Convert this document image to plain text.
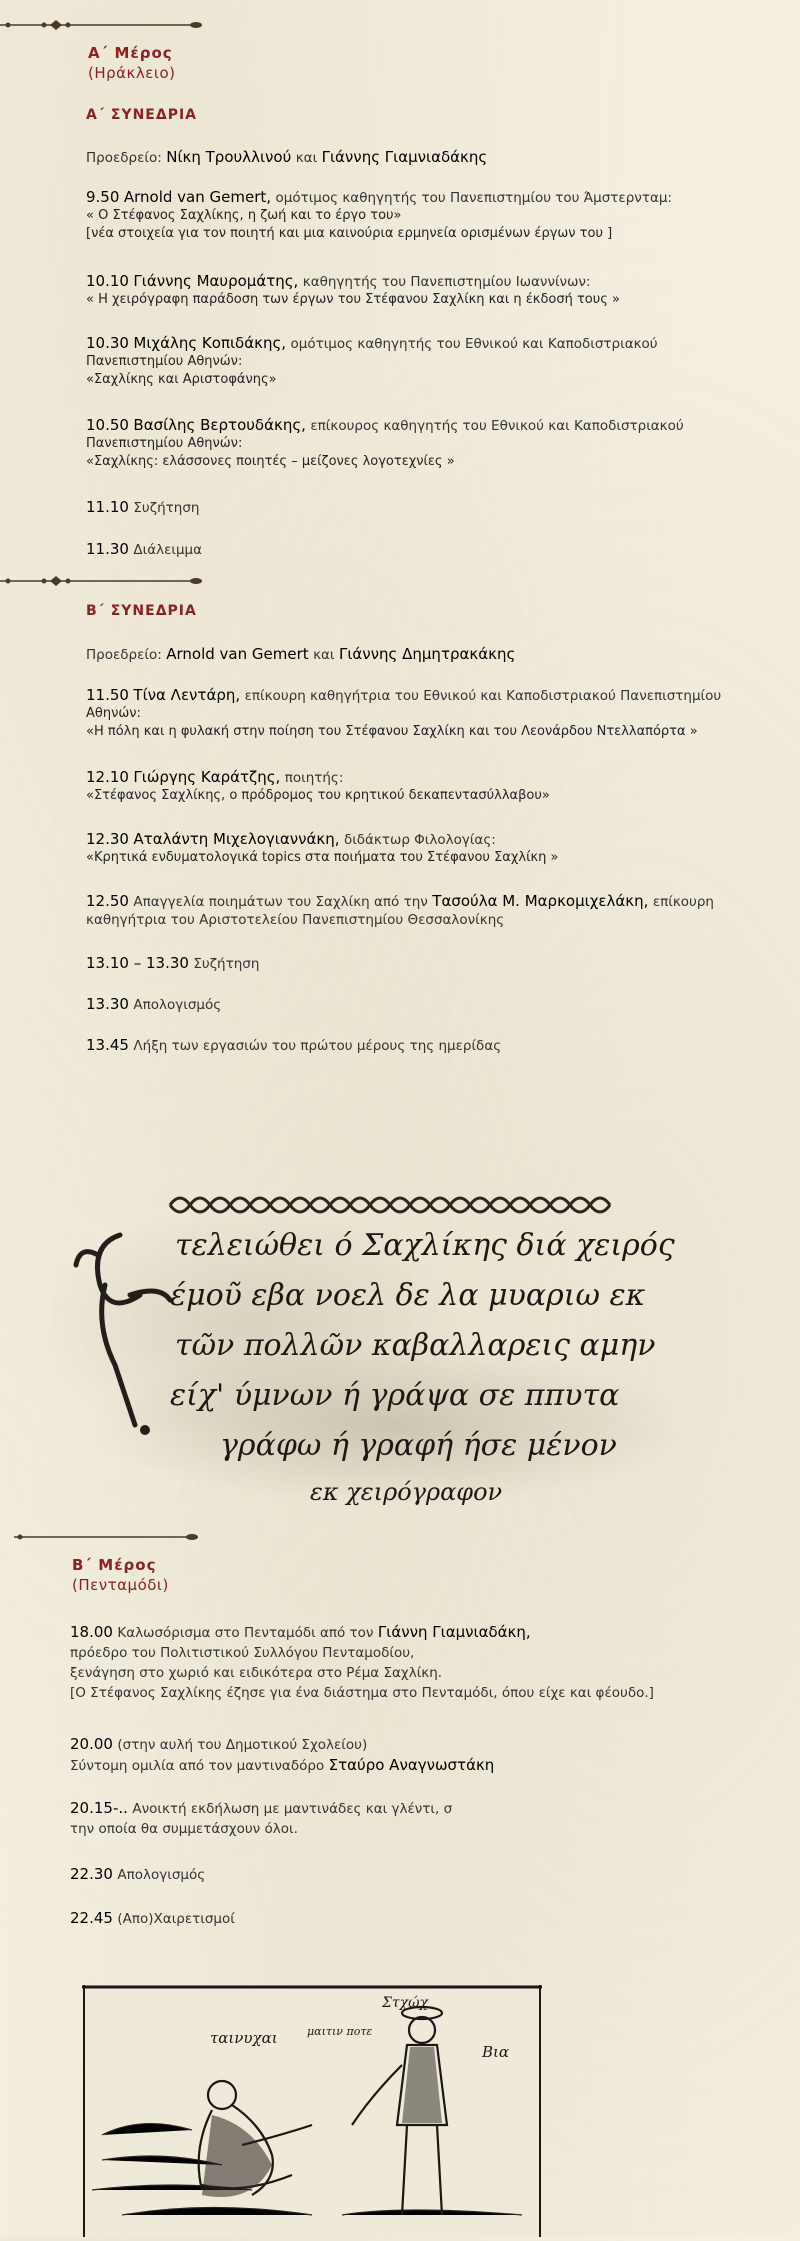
Α΄ Μέρος
(Ηράκλειο)
Α΄ ΣΥΝΕΔΡΙΑ
Προεδρείο: Νίκη Τρουλλινού και Γιάννης Γιαμνιαδάκης
9.50 Arnold van Gemert, ομότιμος καθηγητής του Πανεπιστημίου του Άμστερνταμ:
« Ο Στέφανος Σαχλίκης, η ζωή και το έργο του»
[νέα στοιχεία για τον ποιητή και μια καινούρια ερμηνεία ορισμένων έργων του ]
10.10 Γιάννης Μαυρομάτης, καθηγητής του Πανεπιστημίου Ιωαννίνων:
« Η χειρόγραφη παράδοση των έργων του Στέφανου Σαχλίκη και η έκδοσή τους »
10.30 Μιχάλης Κοπιδάκης, ομότιμος καθηγητής του Εθνικού και Καποδιστριακού
Πανεπιστημίου Αθηνών:
«Σαχλίκης και Αριστοφάνης»
10.50 Βασίλης Βερτουδάκης, επίκουρος καθηγητής του Εθνικού και Καποδιστριακού
Πανεπιστημίου Αθηνών:
«Σαχλίκης: ελάσσονες ποιητές – μείζονες λογοτεχνίες »
11.10 Συζήτηση
11.30 Διάλειμμα
Β΄ ΣΥΝΕΔΡΙΑ
Προεδρείο: Arnold van Gemert και Γιάννης Δημητρακάκης
11.50 Τίνα Λεντάρη, επίκουρη καθηγήτρια του Εθνικού και Καποδιστριακού Πανεπιστημίου
Αθηνών:
«Η πόλη και η φυλακή στην ποίηση του Στέφανου Σαχλίκη και του Λεονάρδου Ντελλαπόρτα »
12.10 Γιώργης Καράτζης, ποιητής:
«Στέφανος Σαχλίκης, ο πρόδρομος του κρητικού δεκαπεντασύλλαβου»
12.30 Αταλάντη Μιχελογιαννάκη, διδάκτωρ Φιλολογίας:
«Κρητικά ενδυματολογικά topics στα ποιήματα του Στέφανου Σαχλίκη »
12.50 Απαγγελία ποιημάτων του Σαχλίκη από την Τασούλα Μ. Μαρκομιχελάκη, επίκουρη
καθηγήτρια του Αριστοτελείου Πανεπιστημίου Θεσσαλονίκης
13.10 – 13.30 Συζήτηση
13.30 Απολογισμός
13.45 Λήξη των εργασιών του πρώτου μέρους της ημερίδας
τελειώθει ό Σαχλίκης διά χειρός
έμοῦ εβα νοελ δε λα μυαριω εκ
τῶν πολλῶν καβαλλαρεις αμην
είχ' ύμνων ή γράψα σε ππυτα
γράφω ή γραφή ήσε μένον
εκ χειρόγραφον
Β΄ Μέρος
(Πενταμόδι)
18.00 Καλωσόρισμα στο Πενταμόδι από τον Γιάννη Γιαμνιαδάκη,
πρόεδρο του Πολιτιστικού Συλλόγου Πενταμοδίου,
ξενάγηση στο χωριό και ειδικότερα στο Ρέμα Σαχλίκη.
[Ο Στέφανος Σαχλίκης έζησε για ένα διάστημα στο Πενταμόδι, όπου είχε και φέουδο.]
20.00 (στην αυλή του Δημοτικού Σχολείου)
Σύντομη ομιλία από τον μαντιναδόρο Σταύρο Αναγνωστάκη
20.15-.. Ανοικτή εκδήλωση με μαντινάδες και γλέντι, σ
την οποία θα συμμετάσχουν όλοι.
22.30 Απολογισμός
22.45 (Απο)Χαιρετισμοί
Στχώχ
ταινυχαι	μαιτιν ποτε
Βια
